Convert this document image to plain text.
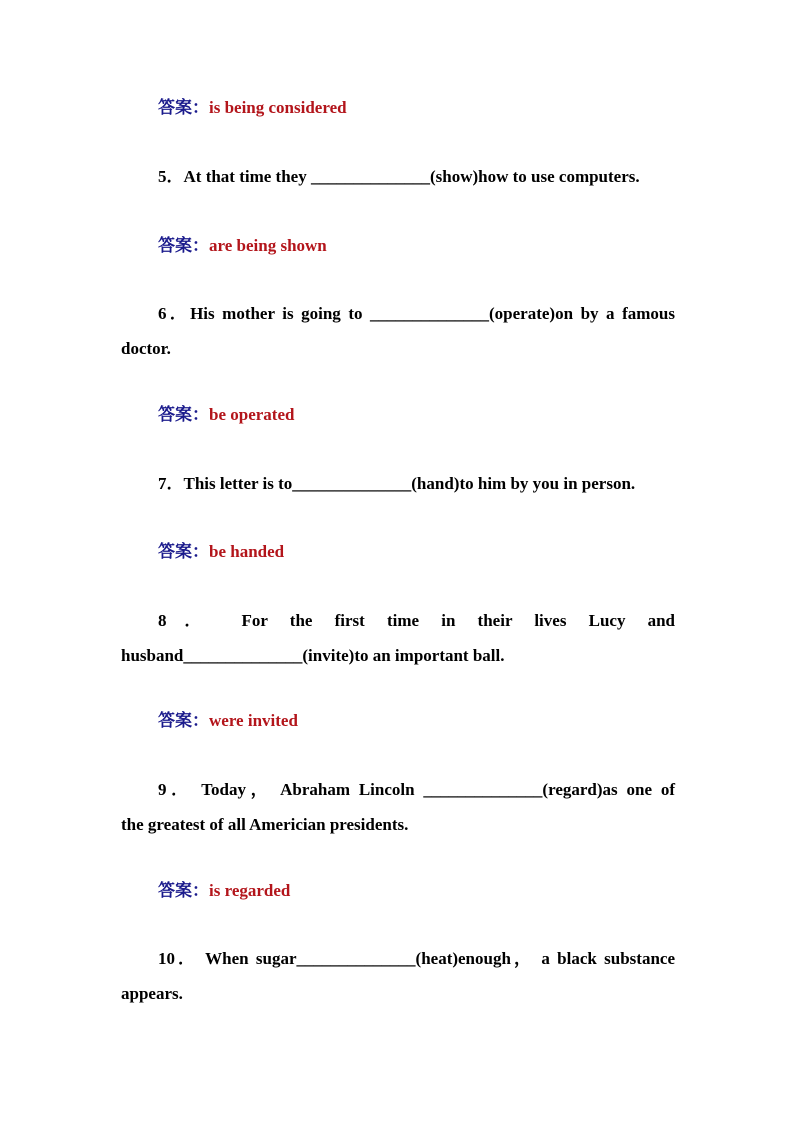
答案：is being considered
5．At that time they ______________(show)how to use computers.
答案：are being shown
6．His mother is going to ______________(operate)on by a famous
doctor.
答案：be operated
7．This letter is to______________(hand)to him by you in person.
答案：be handed
8． For the first time in their lives Lucy and
husband______________(invite)to an important ball.
答案：were invited
9． Today， Abraham Lincoln ______________(regard)as one of
the greatest of all Americian presidents.
答案：is regarded
10． When sugar______________(heat)enough， a black substance
appears.
